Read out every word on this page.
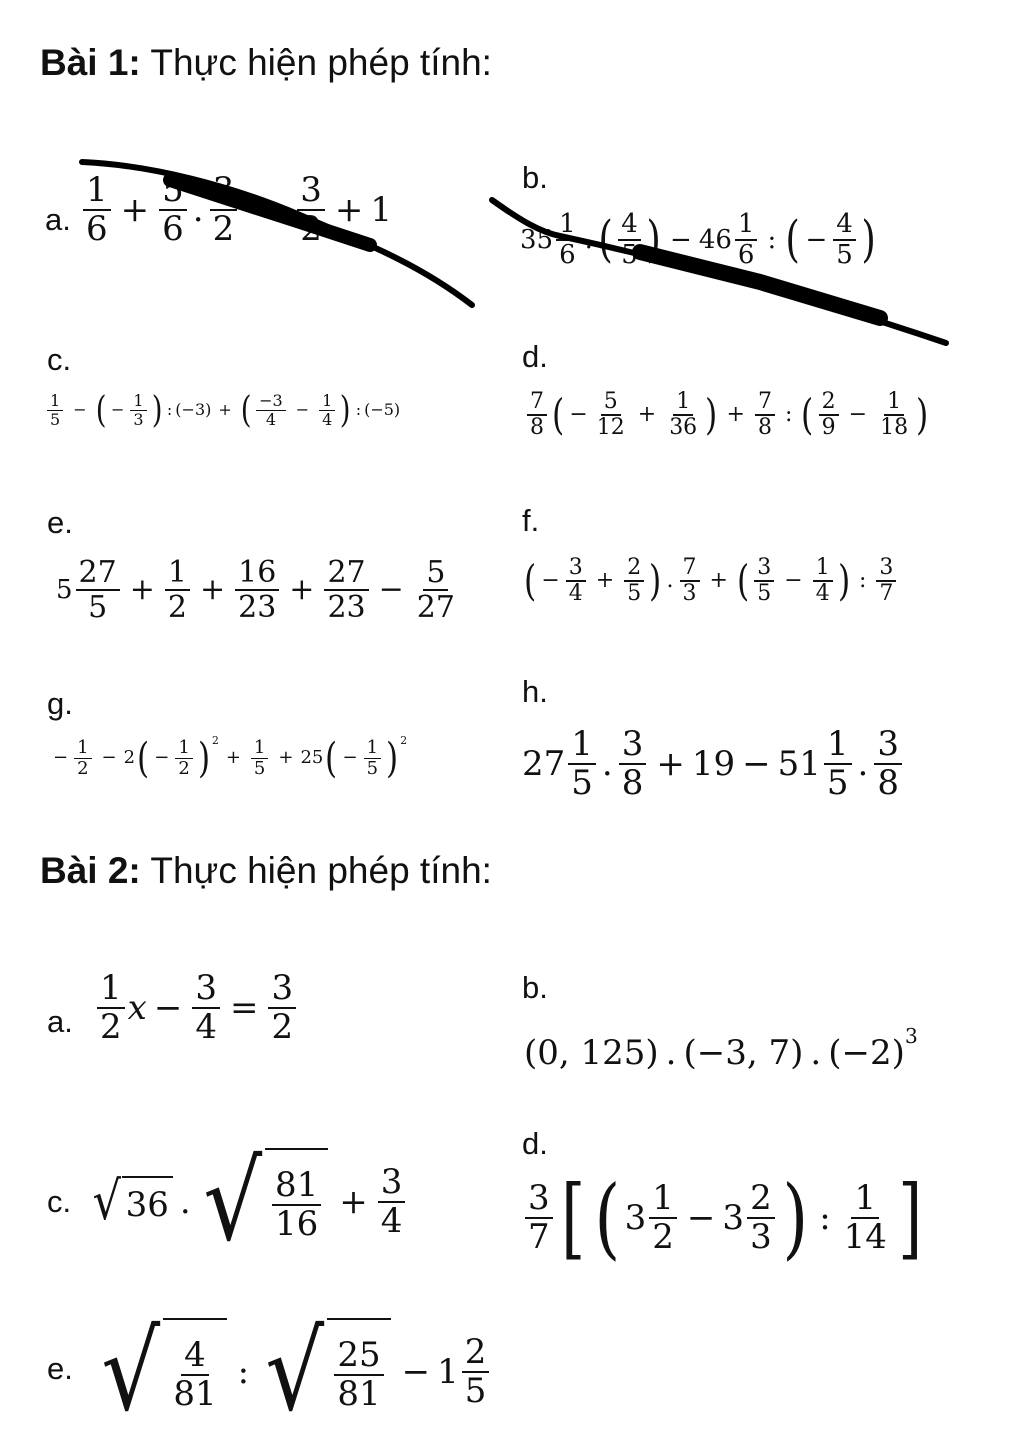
Bài 1: Thực hiện phép tính:
a. $\frac{1}{6} + \frac{5}{6}$ . $\frac{3}{2} \frac{3}{2} + 1$
b.
$35 \frac{1}{6}$ . ( $\frac{4}{5}$ ) − $46 \frac{1}{6}$ : ( − $\frac{4}{5}$ )
c.
$\frac{1}{5}$ − ( − $\frac{1}{3}$ ) : (−3) + ( $\frac{-3}{4} - \frac{1}{4}$ ) : (−5)
d.
$\frac{7}{8}$ ( − $\frac{5}{12} + \frac{1}{36}$ ) + $\frac{7}{8}$ : ( $\frac{2}{9} - \frac{1}{18}$ )
e.
$5 \frac{27}{5} + \frac{1}{2} + \frac{16}{23} + \frac{27}{23} - \frac{5}{27}$
f.
( − $\frac{3}{4} + \frac{2}{5}$ ) . $\frac{7}{3}$ + ( $\frac{3}{5} - \frac{1}{4}$ ) : $\frac{3}{7}$
g.
− $\frac{1}{2} - 2$ ( − $\frac{1}{2}$ ) 2
+ $\frac{1}{5} + 25$ ( − $\frac{1}{5}$ ) 2
h.
$27 \frac{1}{5}$ . $\frac{3}{8} + 19 - 51 \frac{1}{5}$ . $\frac{3}{8}$
Bài 2: Thực hiện phép tính:
a. $\frac{1}{2}$ $x - \frac{3}{4} = \frac{3}{2}$	b.
(0, 125) . (−3, 7) . (−2) 3
c. √ 36 . √ $\frac{81}{16} + \frac{3}{4}$
d.
$\frac{3}{7}$ [ ( $3 \frac{1}{2} - 3 \frac{2}{3}$ ) : $\frac{1}{14}$ ]
e. √ $\frac{4}{81}$ : √ $\frac{25}{81} - 1 \frac{2}{5}$
